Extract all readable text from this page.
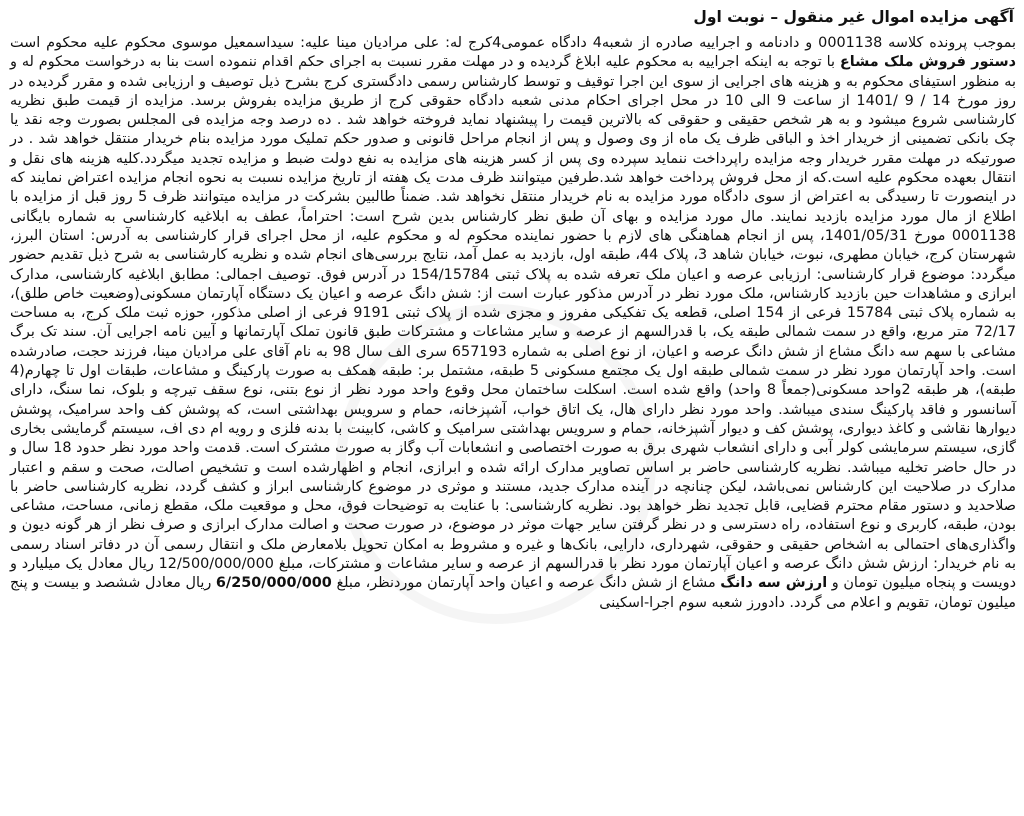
آگهی مزایده اموال غیر منقول – نوبت اول

بموجب پرونده کلاسه 0001138 و دادنامه و اجراییه صادره از شعبه4 دادگاه عمومی4کرج له: علی مرادیان مینا علیه: سیداسمعیل موسوی محکوم علیه محکوم است دستور فروش ملک مشاع با توجه به اینکه اجراییه به محکوم علیه ابلاغ گردیده و در مهلت مقرر نسبت به اجرای حکم اقدام ننموده است بنا به درخواست محکوم له و به منظور استیفای محکوم به و هزینه های اجرایی از سوی این اجرا توقیف و توسط کارشناس رسمی دادگستری کرج بشرح ذیل توصیف و ارزیابی شده و مقرر گردیده در روز مورخ 14 / 9 /1401 از ساعت 9 الی 10 در محل اجرای احکام مدنی شعبه دادگاه حقوقی کرج از طریق مزایده بفروش برسد. مزایده از قیمت طبق نظریه کارشناسی شروع میشود و به هر شخص حقیقی و حقوقی که بالاترین قیمت را پیشنهاد نماید فروخته خواهد شد . ده درصد وجه مزایده فی المجلس بصورت وجه نقد یا چک بانکی تضمینی از خریدار اخذ و الباقی ظرف یک ماه از وی وصول و پس از انجام مراحل قانونی و صدور حکم تملیک مورد مزایده بنام خریدار منتقل خواهد شد . در صورتیکه در مهلت مقرر خریدار وجه مزایده راپرداخت ننماید سپرده وی پس از کسر هزینه های مزایده به نفع دولت ضبط و مزایده تجدید میگردد.کلیه هزینه های نقل و انتقال بعهده محکوم علیه است.که از محل فروش پرداخت خواهد شد.طرفین میتوانند ظرف مدت یک هفته از تاریخ مزایده نسبت به نحوه انجام مزایده اعتراض نمایند که در اینصورت تا رسیدگی به اعتراض از سوی دادگاه مورد مزایده به نام خریدار منتقل نخواهد شد. ضمناً طالبین بشرکت در مزایده میتوانند ظرف 5 روز قبل از مزایده با اطلاع از مال مورد مزایده بازدید نمایند. مال مورد مزایده و بهای آن طبق نظر کارشناس بدین شرح است: احتراماً، عطف به ابلاغیه کارشناسی به شماره بایگانی 0001138 مورخ 1401/05/31، پس از انجام هماهنگی های لازم با حضور نماینده محکوم له و محکوم علیه، از محل اجرای قرار کارشناسی به آدرس: استان البرز، شهرستان کرج، خیابان مطهری، نبوت، خیابان شاهد 3، پلاک 44، طبقه اول، بازدید به عمل آمد، نتایج بررسی‌های انجام شده و نظریه کارشناسی به شرح ذیل تقدیم حضور میگردد: موضوع قرار کارشناسی: ارزیابی عرصه و اعیان ملک تعرفه شده به پلاک ثبتی 154/15784 در آدرس فوق. توصیف اجمالی: مطابق ابلاغیه کارشناسی، مدارک ابرازی و مشاهدات حین بازدید کارشناس، ملک مورد نظر در آدرس مذکور عبارت است از: شش دانگ عرصه و اعیان یک دستگاه آپارتمان مسکونی(وضعیت خاص طلق)، به شماره پلاک ثبتی 15784 فرعی از 154 اصلی، قطعه یک تفکیکی مفروز و مجزی شده از پلاک ثبتی 9191 فرعی از اصلی مذکور، حوزه ثبت ملک کرج، به مساحت 72/17 متر مربع، واقع در سمت شمالی طبقه یک، با قدرالسهم از عرصه و سایر مشاعات و مشترکات طبق قانون تملک آپارتمانها و آیین نامه اجرایی آن. سند تک برگ مشاعی با سهم سه دانگ مشاع از شش دانگ عرصه و اعیان، از نوع اصلی به شماره 657193 سری الف سال 98 به نام آقای علی مرادیان مینا، فرزند حجت، صادرشده است. واحد آپارتمان مورد نظر در سمت شمالی طبقه اول یک مجتمع مسکونی 5 طبقه، مشتمل بر: طبقه همکف به صورت پارکینگ و مشاعات، طبقات اول تا چهارم(4 طبقه)، هر طبقه 2واحد مسکونی(جمعاً 8 واحد) واقع شده است. اسکلت ساختمان محل وقوع واحد مورد نظر از نوع بتنی، نوع سقف تیرچه و بلوک، نما سنگ، دارای آسانسور و فاقد پارکینگ سندی میباشد. واحد مورد نظر دارای هال، یک اتاق خواب، آشپزخانه، حمام و سرویس بهداشتی است، که پوشش کف واحد سرامیک، پوشش دیوارها نقاشی و کاغذ دیواری، پوشش کف و دیوار آشپزخانه، حمام و سرویس بهداشتی سرامیک و کاشی، کابینت با بدنه فلزی و رویه ام دی اف، سیستم گرمایشی بخاری گازی، سیستم سرمایشی کولر آبی و دارای انشعاب شهری برق به صورت اختصاصی و انشعابات آب وگاز به صورت مشترک است. قدمت واحد مورد نظر حدود 18 سال و در حال حاضر تخلیه میباشد. نظریه کارشناسی حاضر بر اساس تصاویر مدارک ارائه شده و ابرازی، انجام و اظهارشده است و تشخیص اصالت، صحت و سقم و اعتبار مدارک در صلاحیت این کارشناس نمی‌باشد، لیکن چنانچه در آینده مدارک جدید، مستند و موثری در موضوع کارشناسی ابراز و کشف گردد، نظریه کارشناسی حاضر با صلاحدید و دستور مقام محترم قضایی، قابل تجدید نظر خواهد بود. نظریه کارشناسی: با عنایت به توضیحات فوق، محل و موقعیت ملک، مقطع زمانی، مساحت، مشاعی بودن، طبقه، کاربری و نوع استفاده، راه دسترسی و در نظر گرفتن سایر جهات موثر در موضوع، در صورت صحت و اصالت مدارک ابرازی و صرف نظر از هر گونه دیون و واگذاری‌های احتمالی به اشخاص حقیقی و حقوقی، شهرداری، دارایی، بانک‌ها و غیره و مشروط به امکان تحویل بلامعارض ملک و انتقال رسمی آن در دفاتر اسناد رسمی به نام خریدار: ارزش شش دانگ عرصه و اعیان آپارتمان مورد نظر با قدرالسهم از عرصه و سایر مشاعات و مشترکات، مبلغ 12/500/000/000 ریال معادل یک میلیارد و دویست و پنجاه میلیون تومان و ارزش سه دانگ مشاع از شش دانگ عرصه و اعیان واحد آپارتمان موردنظر، مبلغ 6/250/000/000 ریال معادل ششصد و بیست و پنج میلیون تومان، تقویم و اعلام می گردد. دادورز شعبه سوم اجرا-اسکینی
